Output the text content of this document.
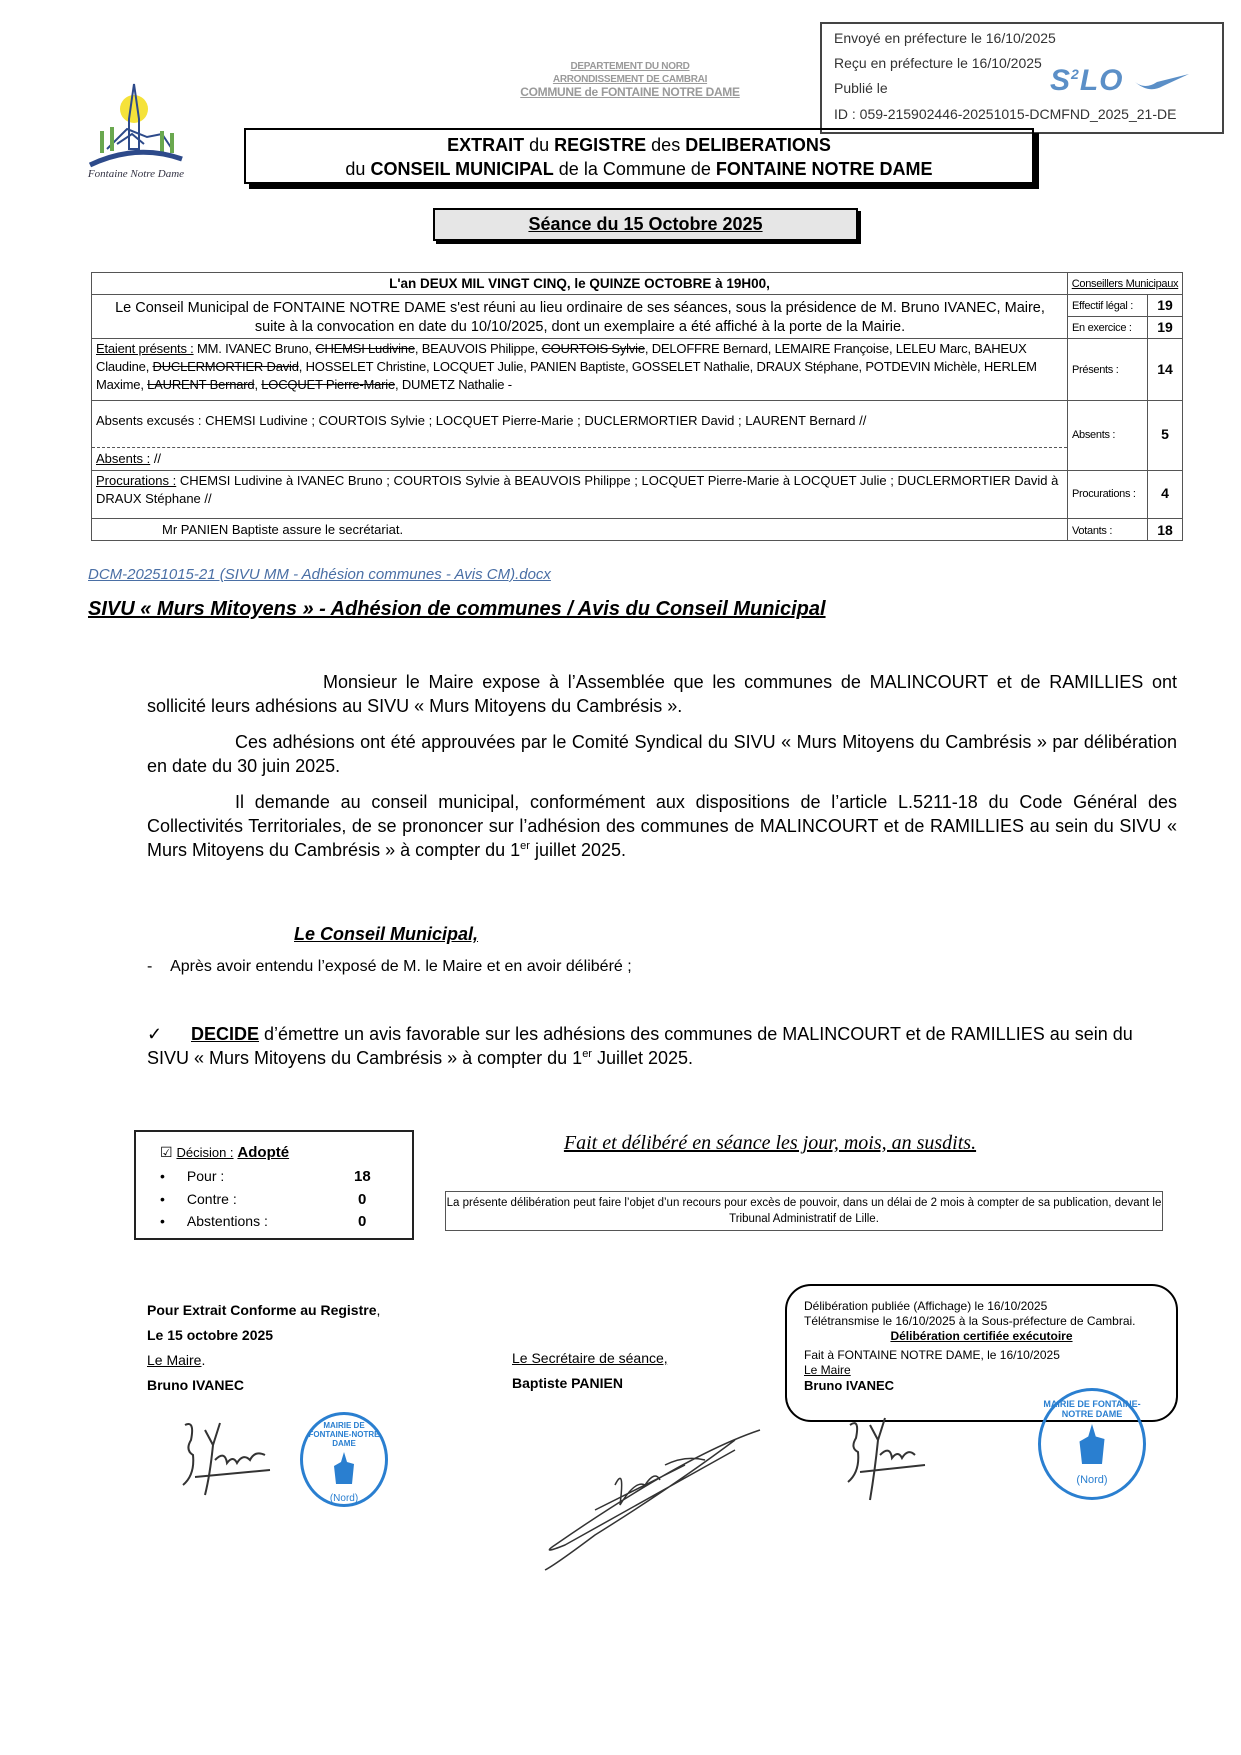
Envoyé en préfecture le 16/10/2025
Reçu en préfecture le 16/10/2025
Publié le
ID : 059-215902446-20251015-DCMFND_2025_21-DE
$S^2LO$
Fontaine Notre Dame
DEPARTEMENT DU NORD
ARRONDISSEMENT DE CAMBRAI
COMMUNE de FONTAINE NOTRE DAME
EXTRAIT du REGISTRE des DELIBERATIONS
du CONSEIL MUNICIPAL de la Commune de FONTAINE NOTRE DAME
Séance du 15 Octobre 2025
L'an DEUX MIL VINGT CINQ, le QUINZE OCTOBRE à 19H00,
Le Conseil Municipal de FONTAINE NOTRE DAME s'est réuni au lieu ordinaire de ses séances, sous la présidence de M. Bruno IVANEC, Maire, suite à la convocation en date du 10/10/2025, dont un exemplaire a été affiché à la porte de la Mairie.
Etaient présents : MM. IVANEC Bruno, CHEMSI Ludivine, BEAUVOIS Philippe, COURTOIS Sylvie, DELOFFRE Bernard, LEMAIRE Françoise, LELEU Marc, BAHEUX Claudine, DUCLERMORTIER David, HOSSELET Christine, LOCQUET Julie, PANIEN Baptiste, GOSSELET Nathalie, DRAUX Stéphane, POTDEVIN Michèle, HERLEM Maxime, LAURENT Bernard, LOCQUET Pierre-Marie, DUMETZ Nathalie -
Absents excusés : CHEMSI Ludivine ; COURTOIS Sylvie ; LOCQUET Pierre-Marie ; DUCLERMORTIER David ; LAURENT Bernard //
Absents : //
Procurations : CHEMSI Ludivine à IVANEC Bruno ; COURTOIS Sylvie à BEAUVOIS Philippe ; LOCQUET Pierre-Marie à LOCQUET Julie ; DUCLERMORTIER David à DRAUX Stéphane //
Mr PANIEN Baptiste assure le secrétariat.
Conseillers Municipaux
Effectif légal :	19
En exercice :	19
Présents :	14
Absents :	5
Procurations :	4
Votants :	18
DCM-20251015-21 (SIVU MM - Adhésion communes - Avis CM).docx
SIVU « Murs Mitoyens » - Adhésion de communes / Avis du Conseil Municipal
Monsieur le Maire expose à l’Assemblée que les communes de MALINCOURT et de RAMILLIES ont sollicité leurs adhésions au SIVU « Murs Mitoyens du Cambrésis ».
Ces adhésions ont été approuvées par le Comité Syndical du SIVU « Murs Mitoyens du Cambrésis » par délibération en date du 30 juin 2025.
Il demande au conseil municipal, conformément aux dispositions de l’article L.5211-18 du Code Général des Collectivités Territoriales, de se prononcer sur l’adhésion des communes de MALINCOURT et de RAMILLIES au sein du SIVU « Murs Mitoyens du Cambrésis » à compter du 1er juillet 2025.
Le Conseil Municipal,
-    Après avoir entendu l’exposé de M. le Maire et en avoir délibéré ;
✓ DECIDE d’émettre un avis favorable sur les adhésions des communes de MALINCOURT et de RAMILLIES au sein du SIVU « Murs Mitoyens du Cambrésis » à compter du 1er Juillet 2025.
☑ Décision : Adopté
• Pour :	18
• Contre :	0
• Abstentions :	0
Fait et délibéré en séance les jour, mois, an susdits.
La présente délibération peut faire l’objet d’un recours pour excès de pouvoir, dans un délai de 2 mois à compter de sa publication, devant le Tribunal Administratif de Lille.
Pour Extrait Conforme au Registre,
Le 15 octobre 2025
Le Maire.
Bruno IVANEC
Le Secrétaire de séance,
Baptiste PANIEN
MAIRIE DE FONTAINE-NOTRE DAME
(Nord)
Délibération publiée (Affichage) le 16/10/2025
Télétransmise le 16/10/2025 à la Sous-préfecture de Cambrai.
Délibération certifiée exécutoire
Fait à FONTAINE NOTRE DAME, le 16/10/2025
Le Maire
Bruno IVANEC
MAIRIE DE FONTAINE-NOTRE DAME
(Nord)
